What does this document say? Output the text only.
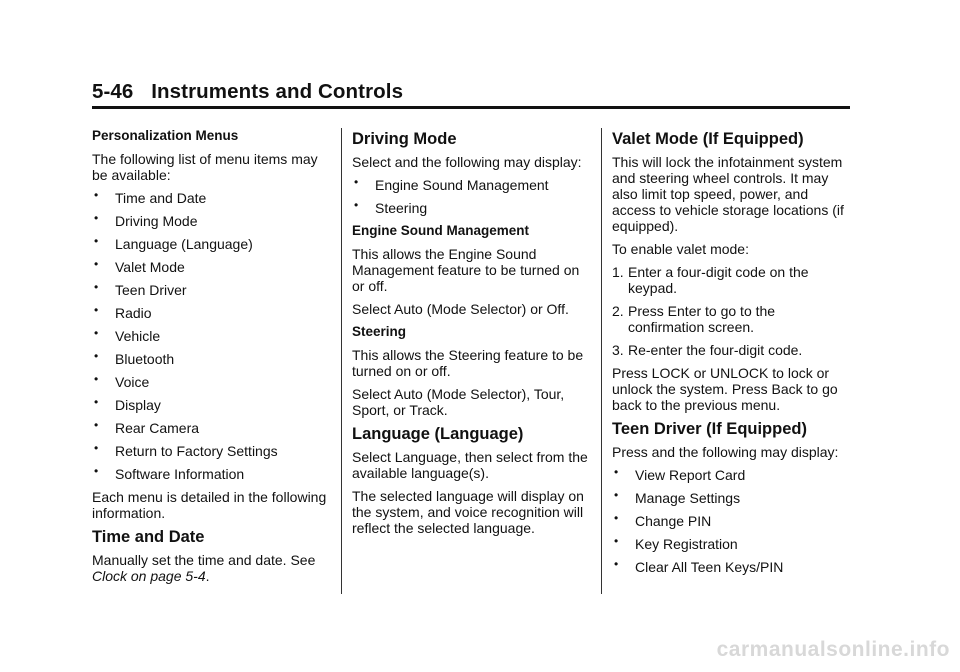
5-46 Instruments and Controls
Personalization Menus

The following list of menu items may be available:

• Time and Date
• Driving Mode
• Language (Language)
• Valet Mode
• Teen Driver
• Radio
• Vehicle
• Bluetooth
• Voice
• Display
• Rear Camera
• Return to Factory Settings
• Software Information

Each menu is detailed in the following information.

Time and Date

Manually set the time and date. See Clock on page 5-4.

Driving Mode

Select and the following may display:

• Engine Sound Management
• Steering
Engine Sound Management

This allows the Engine Sound Management feature to be turned on or off.

Select Auto (Mode Selector) or Off.

Steering

This allows the Steering feature to be turned on or off.

Select Auto (Mode Selector), Tour, Sport, or Track.

Language (Language)

Select Language, then select from the available language(s).

The selected language will display on the system, and voice recognition will reflect the selected language.

Valet Mode (If Equipped)

This will lock the infotainment system and steering wheel controls. It may also limit top speed, power, and access to vehicle storage locations (if equipped).

To enable valet mode:

1. Enter a four-digit code on the keypad.
2. Press Enter to go to the confirmation screen.
3. Re-enter the four-digit code.

Press LOCK or UNLOCK to lock or unlock the system. Press Back to go back to the previous menu.

Teen Driver (If Equipped)

Press and the following may display:

• View Report Card
• Manage Settings
• Change PIN
• Key Registration
• Clear All Teen Keys/PIN
carmanualsonline.info
